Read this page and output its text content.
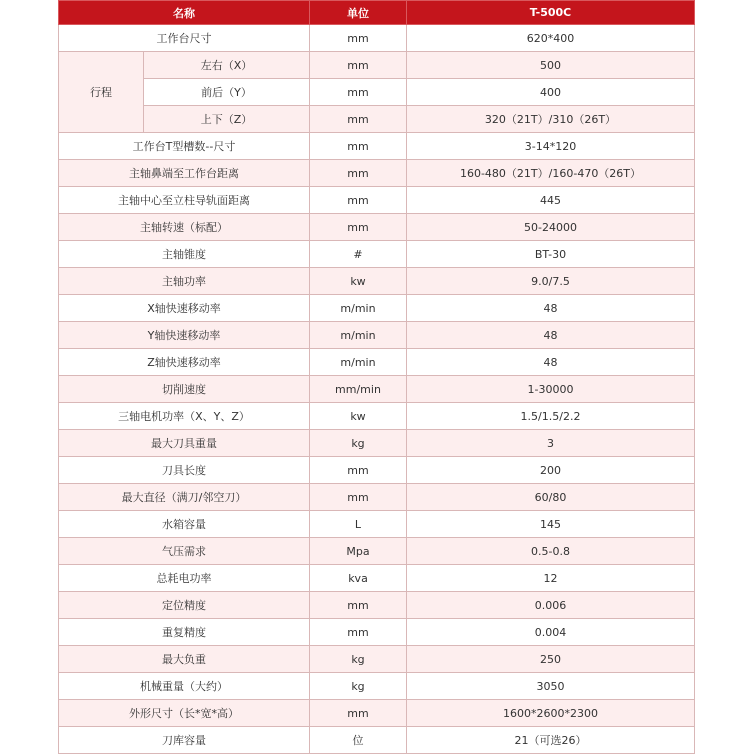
名称		单位	T-500C
工作台尺寸		mm	620*400
行程	左右（X）	mm	500
	前后（Y）	mm	400
	上下（Z）	mm	320（21T）/310（26T）
工作台T型槽数--尺寸		mm	3-14*120
主轴鼻端至工作台距离		mm	160-480（21T）/160-470（26T）
主轴中心至立柱导轨面距离		mm	445
主轴转速（标配）		mm	50-24000
主轴锥度		#	BT-30
主轴功率		kw	9.0/7.5
X轴快速移动率		m/min	48
Y轴快速移动率		m/min	48
Z轴快速移动率		m/min	48
切削速度		mm/min	1-30000
三轴电机功率（X、Y、Z）		kw	1.5/1.5/2.2
最大刀具重量		kg	3
刀具长度		mm	200
最大直径（满刀/邻空刀）		mm	60/80
水箱容量		L	145
气压需求		Mpa	0.5-0.8
总耗电功率		kva	12
定位精度		mm	0.006
重复精度		mm	0.004
最大负重		kg	250
机械重量（大约）		kg	3050
外形尺寸（长*宽*高）		mm	1600*2600*2300
刀库容量		位	21（可选26）
